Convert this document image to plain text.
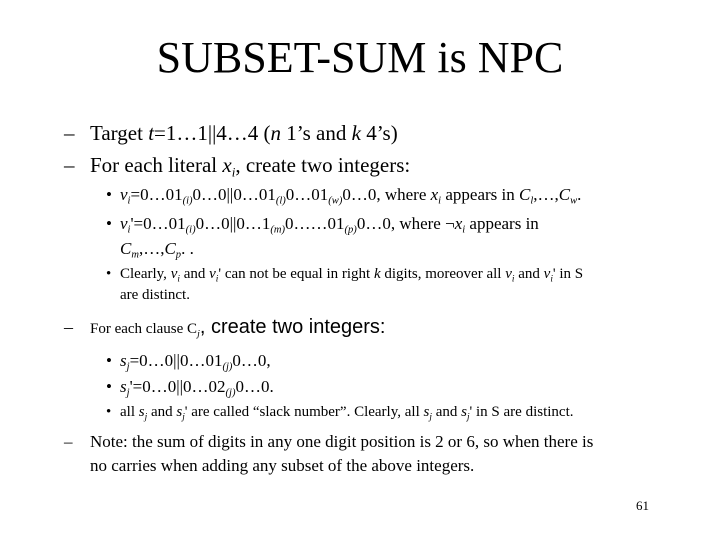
SUBSET-SUM is NPC
– Target t=1…1||4…4 (n 1’s and k 4’s)
– For each literal $x_i$, create two integers:
• $v_i=0\dots 01_{(i)}0\dots 0||0\dots 01_{(l)}0\dots 01_{(w)}0\dots 0$, where $x_i$ appears in $C_l,\dots,C_w$.
• $v_i'=0\dots 01_{(i)}0\dots 0||0\dots 1_{(m)}0\dots\dots 01_{(p)}0\dots 0$, where $\neg x_i$ appears in
$C_m,\dots,C_p$. .
• Clearly, $v_i$ and $v_i'$ can not be equal in right k digits, moreover all $v_i$ and $v_i'$ in S
are distinct.
– For each clause $C_j$, create two integers:
• $s_j=0\dots 0||0\dots 01_{(j)}0\dots 0$,
• $s_j'=0\dots 0||0\dots 02_{(j)}0\dots 0$.
• all $s_j$ and $s_j'$ are called “slack number”. Clearly, all $s_j$ and $s_j'$ in S are distinct.
– Note: the sum of digits in any one digit position is 2 or 6, so when there is
no carries when adding any subset of the above integers.
61
